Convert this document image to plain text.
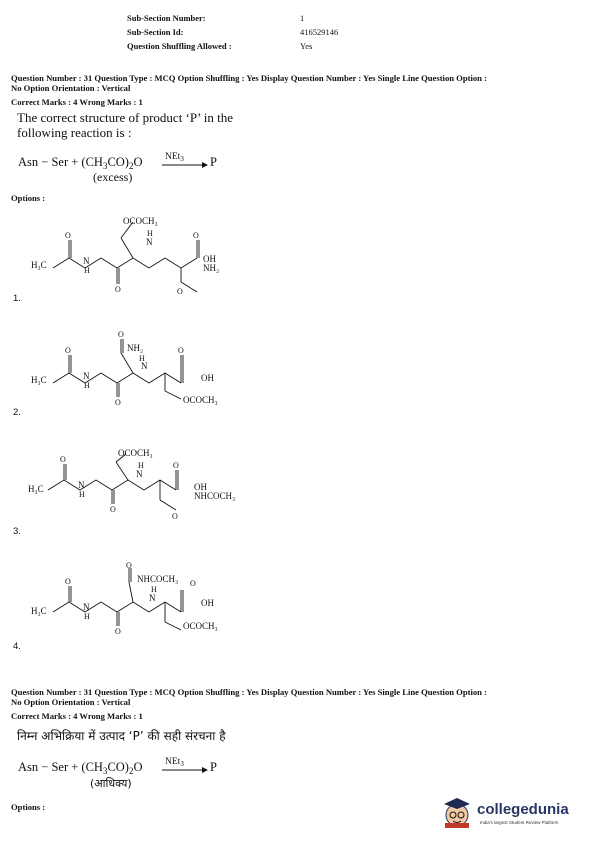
Sub-Section Number:	1
Sub-Section Id:	416529146
Question Shuffling Allowed :	Yes
Question Number : 31 Question Type : MCQ Option Shuffling : Yes Display Question Number : Yes Single Line Question Option :
No Option Orientation : Vertical
Correct Marks : 4 Wrong Marks : 1
The correct structure of product ‘P’ in the following reaction is :
Asn − Ser + $(CH_3CO)_2O$ NEt$_3$ → P
(excess)
Options :
H₃C	N
H
O
O
OCOCH₃
H
N
O
OH
NH₂
O
1.
H₃C	N
H
O
O
O
NH₂
H
N
O
OH
OCOCH₃
2.
H₃C	N
H
O
O
OCOCH₃
H
N
O
OH
NHCOCH₃
O
3.
H₃C	N
H
O
O
O
NHCOCH₃
H
N
O
OH
OCOCH₃
4.
Question Number : 31 Question Type : MCQ Option Shuffling : Yes Display Question Number : Yes Single Line Question Option :
No Option Orientation : Vertical
Correct Marks : 4 Wrong Marks : 1
निम्न अभिक्रिया में उत्पाद ‘P’ की सही संरचना है
Asn − Ser + $(CH_3CO)_2O$ NEt$_3$ P
(आधिक्य)
Options :	collegedunia
India's largest Student Review Platform
